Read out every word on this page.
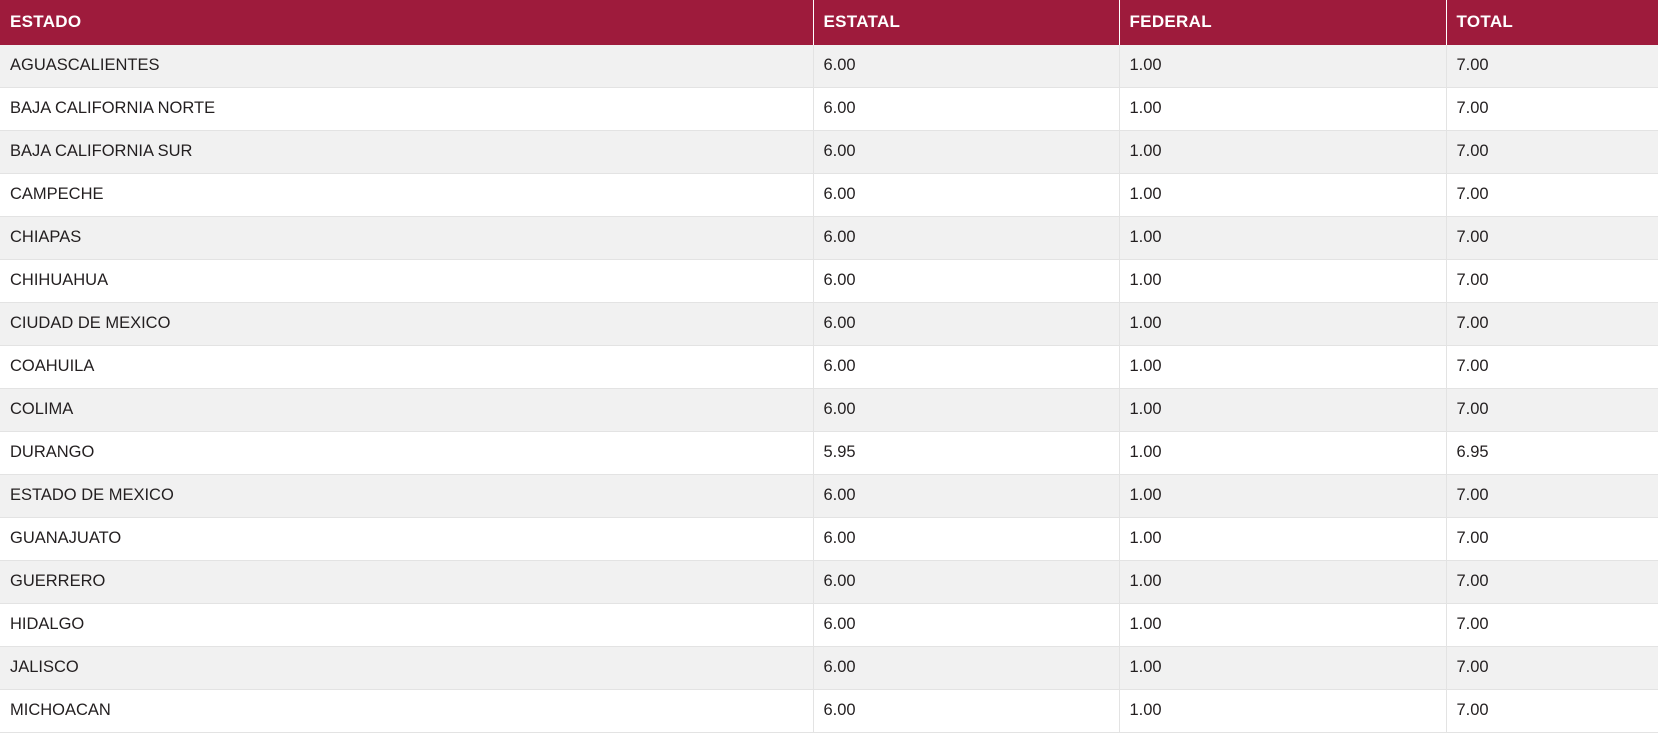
ESTADO	ESTATAL	FEDERAL	TOTAL
AGUASCALIENTES	6.00	1.00	7.00
BAJA CALIFORNIA NORTE	6.00	1.00	7.00
BAJA CALIFORNIA SUR	6.00	1.00	7.00
CAMPECHE	6.00	1.00	7.00
CHIAPAS	6.00	1.00	7.00
CHIHUAHUA	6.00	1.00	7.00
CIUDAD DE MEXICO	6.00	1.00	7.00
COAHUILA	6.00	1.00	7.00
COLIMA	6.00	1.00	7.00
DURANGO	5.95	1.00	6.95
ESTADO DE MEXICO	6.00	1.00	7.00
GUANAJUATO	6.00	1.00	7.00
GUERRERO	6.00	1.00	7.00
HIDALGO	6.00	1.00	7.00
JALISCO	6.00	1.00	7.00
MICHOACAN	6.00	1.00	7.00
